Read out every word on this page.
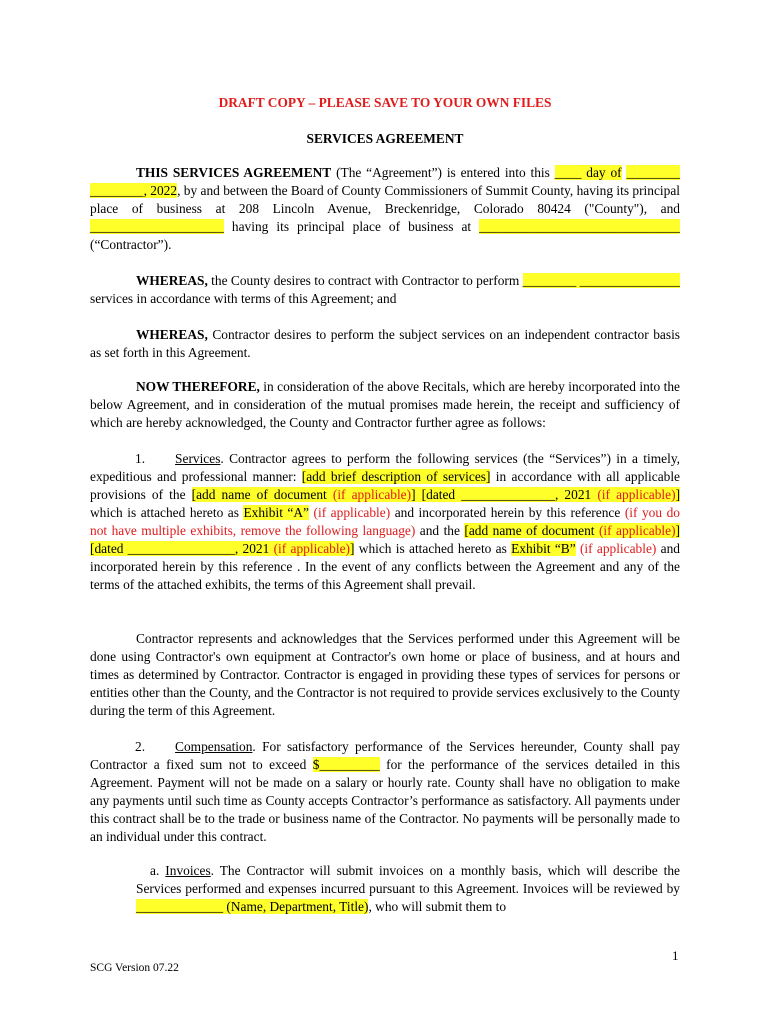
DRAFT COPY – PLEASE SAVE TO YOUR OWN FILES
SERVICES AGREEMENT
THIS SERVICES AGREEMENT (The “Agreement”) is entered into this ____ day of ________ ________, 2022, by and between the Board of County Commissioners of Summit County, having its principal place of business at 208 Lincoln Avenue, Breckenridge, Colorado 80424 ("County"), and ____________________ having its principal place of business at ______________________________ (“Contractor”).
WHEREAS, the County desires to contract with Contractor to perform ________ _______________ services in accordance with terms of this Agreement; and
WHEREAS, Contractor desires to perform the subject services on an independent contractor basis as set forth in this Agreement.
NOW THEREFORE, in consideration of the above Recitals, which are hereby incorporated into the below Agreement, and in consideration of the mutual promises made herein, the receipt and sufficiency of which are hereby acknowledged, the County and Contractor further agree as follows:
1. Services. Contractor agrees to perform the following services (the “Services”) in a timely, expeditious and professional manner: [add brief description of services] in accordance with all applicable provisions of the [add name of document (if applicable)] [dated ______________, 2021 (if applicable)] which is attached hereto as Exhibit “A” (if applicable) and incorporated herein by this reference (if you do not have multiple exhibits, remove the following language) and the [add name of document (if applicable)] [dated ________________, 2021 (if applicable)] which is attached hereto as Exhibit “B” (if applicable) and incorporated herein by this reference . In the event of any conflicts between the Agreement and any of the terms of the attached exhibits, the terms of this Agreement shall prevail.
Contractor represents and acknowledges that the Services performed under this Agreement will be done using Contractor's own equipment at Contractor's own home or place of business, and at hours and times as determined by Contractor. Contractor is engaged in providing these types of services for persons or entities other than the County, and the Contractor is not required to provide services exclusively to the County during the term of this Agreement.
2. Compensation. For satisfactory performance of the Services hereunder, County shall pay Contractor a fixed sum not to exceed $_________ for the performance of the services detailed in this Agreement. Payment will not be made on a salary or hourly rate. County shall have no obligation to make any payments until such time as County accepts Contractor’s performance as satisfactory. All payments under this contract shall be to the trade or business name of the Contractor. No payments will be personally made to an individual under this contract.
a. Invoices. The Contractor will submit invoices on a monthly basis, which will describe the Services performed and expenses incurred pursuant to this Agreement. Invoices will be reviewed by _____________ (Name, Department, Title), who will submit them to
1
SCG Version 07.22
